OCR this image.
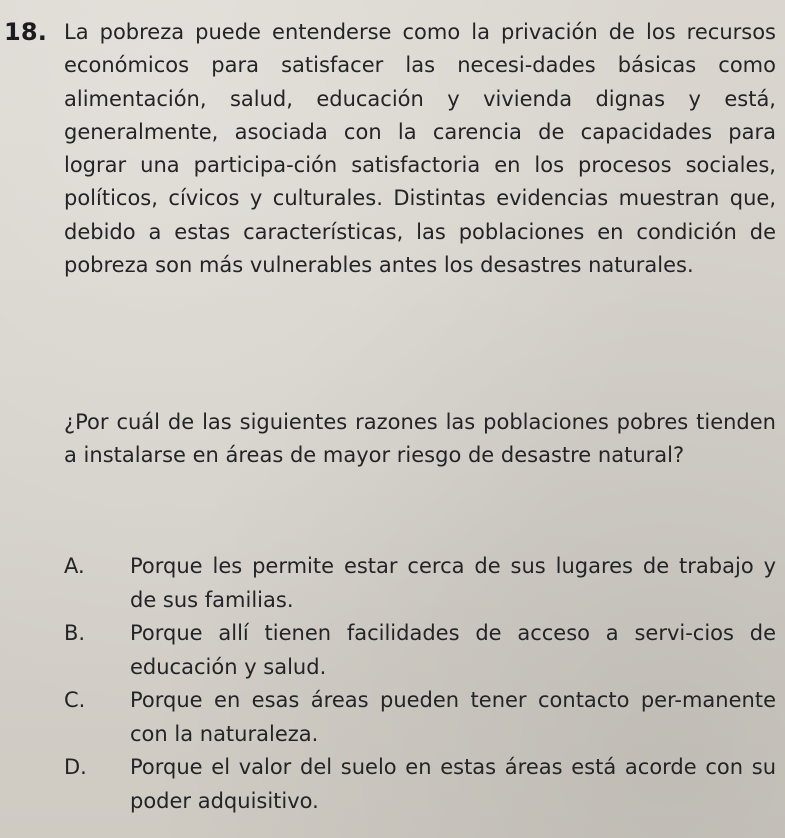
18. La pobreza puede entenderse como la privación de los recursos económicos para satisfacer las necesi-dades básicas como alimentación, salud, educación y vivienda dignas y está, generalmente, asociada con la carencia de capacidades para lograr una participa-ción satisfactoria en los procesos sociales, políticos, cívicos y culturales. Distintas evidencias muestran que, debido a estas características, las poblaciones en condición de pobreza son más vulnerables antes los desastres naturales.

¿Por cuál de las siguientes razones las poblaciones pobres tienden a instalarse en áreas de mayor riesgo de desastre natural?

A.	Porque les permite estar cerca de sus lugares de trabajo y de sus familias.
B.	Porque allí tienen facilidades de acceso a servi-cios de educación y salud.
C.	Porque en esas áreas pueden tener contacto per-manente con la naturaleza.
D.	Porque el valor del suelo en estas áreas está acorde con su poder adquisitivo.
